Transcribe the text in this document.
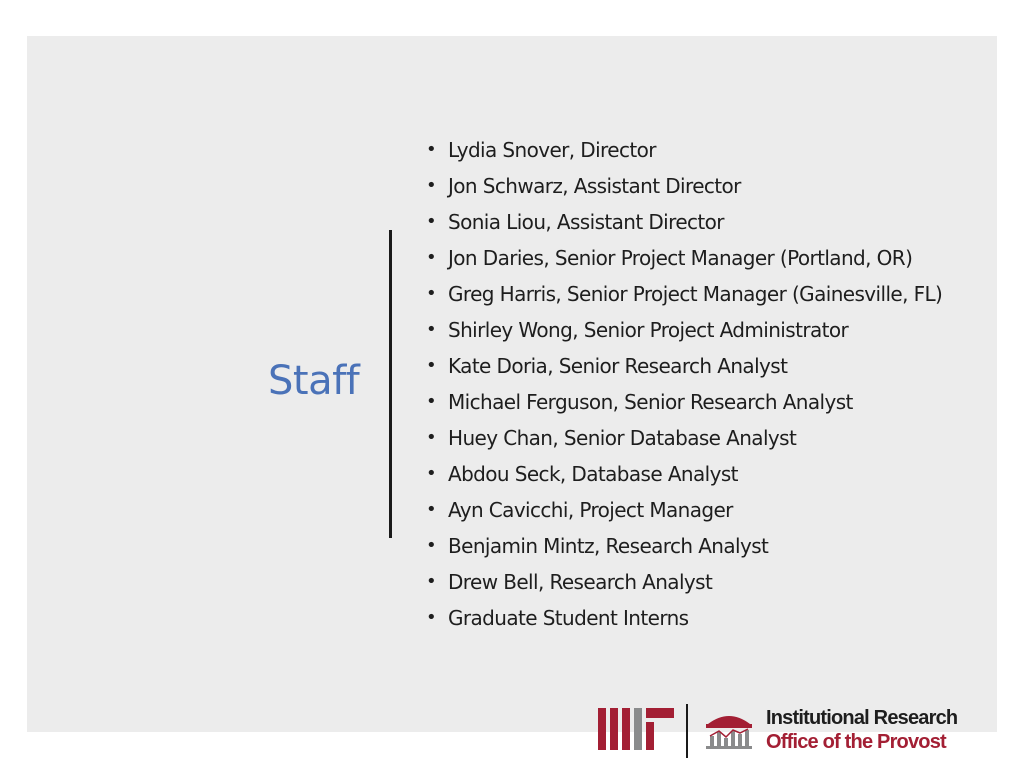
Staff
• Lydia Snover, Director
• Jon Schwarz, Assistant Director
• Sonia Liou, Assistant Director
• Jon Daries, Senior Project Manager (Portland, OR)
• Greg Harris, Senior Project Manager (Gainesville, FL)
• Shirley Wong, Senior Project Administrator
• Kate Doria, Senior Research Analyst
• Michael Ferguson, Senior Research Analyst
• Huey Chan, Senior Database Analyst
• Abdou Seck, Database Analyst
• Ayn Cavicchi, Project Manager
• Benjamin Mintz, Research Analyst
• Drew Bell, Research Analyst
• Graduate Student Interns
Institutional Research
Office of the Provost
